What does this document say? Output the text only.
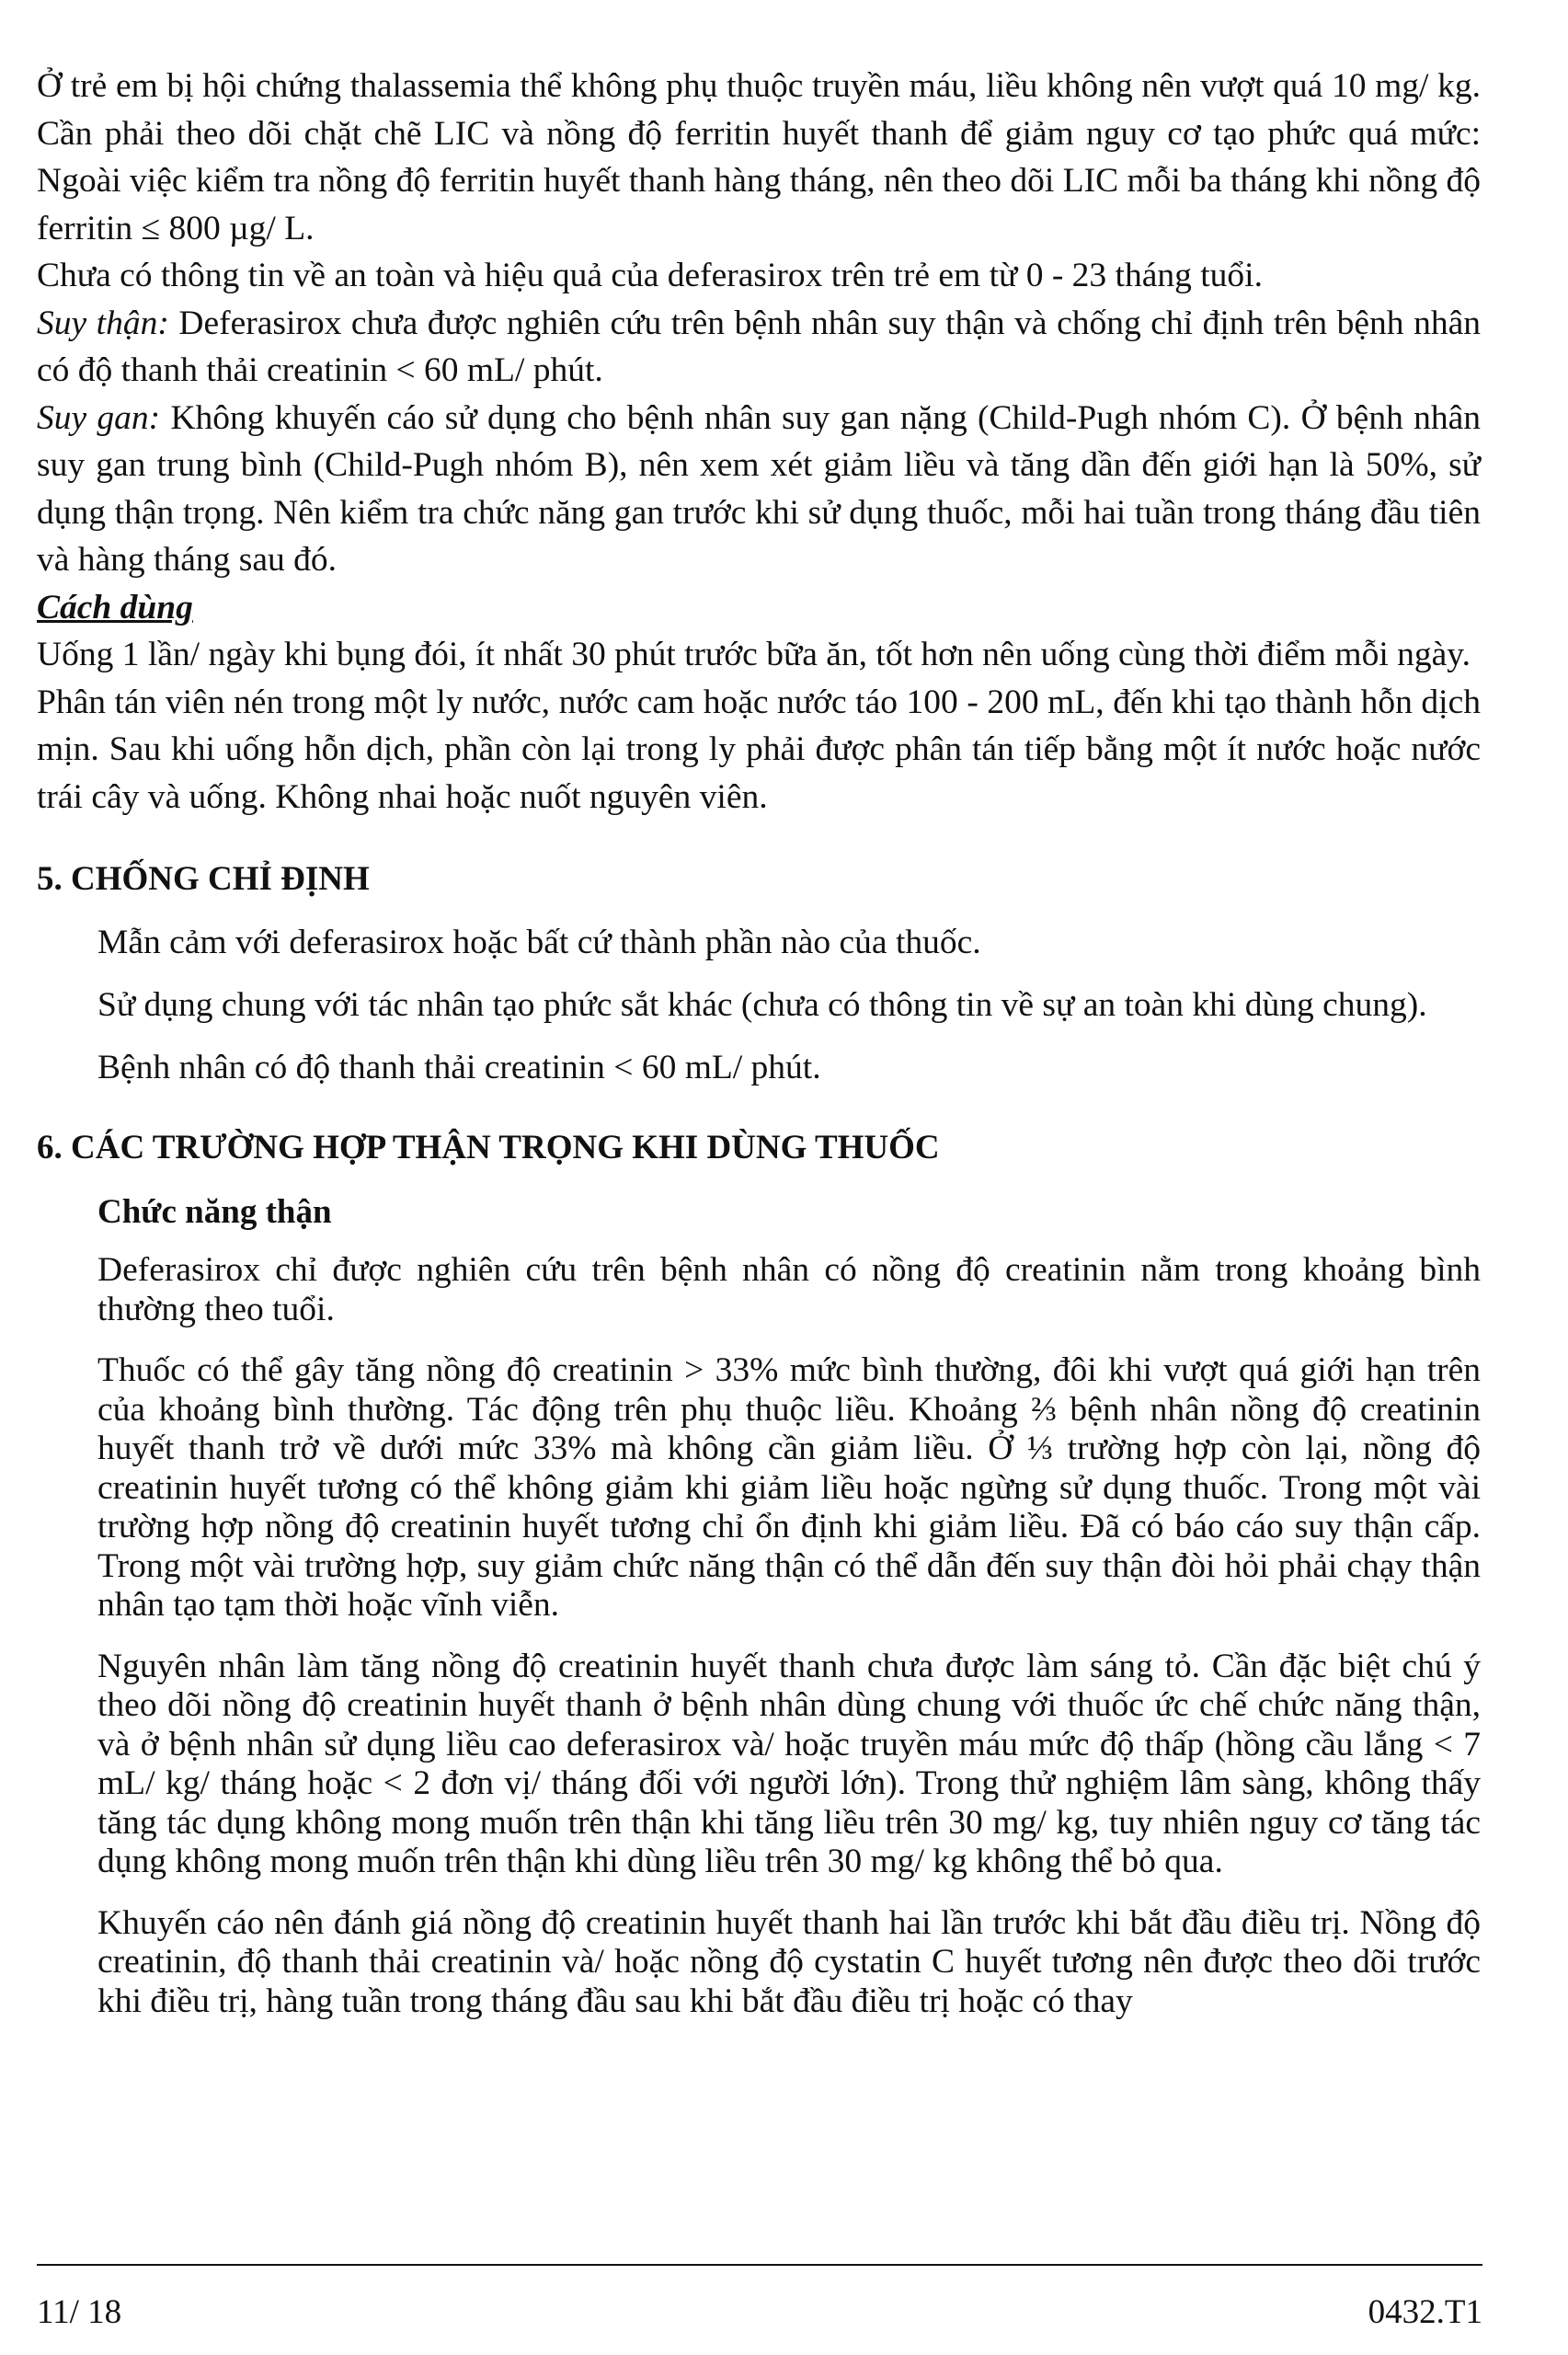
Ở trẻ em bị hội chứng thalassemia thể không phụ thuộc truyền máu, liều không nên vượt quá 10 mg/ kg. Cần phải theo dõi chặt chẽ LIC và nồng độ ferritin huyết thanh để giảm nguy cơ tạo phức quá mức: Ngoài việc kiểm tra nồng độ ferritin huyết thanh hàng tháng, nên theo dõi LIC mỗi ba tháng khi nồng độ ferritin ≤ 800 µg/ L.

Chưa có thông tin về an toàn và hiệu quả của deferasirox trên trẻ em từ 0 - 23 tháng tuổi.

Suy thận: Deferasirox chưa được nghiên cứu trên bệnh nhân suy thận và chống chỉ định trên bệnh nhân có độ thanh thải creatinin < 60 mL/ phút.

Suy gan: Không khuyến cáo sử dụng cho bệnh nhân suy gan nặng (Child-Pugh nhóm C). Ở bệnh nhân suy gan trung bình (Child-Pugh nhóm B), nên xem xét giảm liều và tăng dần đến giới hạn là 50%, sử dụng thận trọng. Nên kiểm tra chức năng gan trước khi sử dụng thuốc, mỗi hai tuần trong tháng đầu tiên và hàng tháng sau đó.

Cách dùng

Uống 1 lần/ ngày khi bụng đói, ít nhất 30 phút trước bữa ăn, tốt hơn nên uống cùng thời điểm mỗi ngày.

Phân tán viên nén trong một ly nước, nước cam hoặc nước táo 100 - 200 mL, đến khi tạo thành hỗn dịch mịn. Sau khi uống hỗn dịch, phần còn lại trong ly phải được phân tán tiếp bằng một ít nước hoặc nước trái cây và uống. Không nhai hoặc nuốt nguyên viên.

5. CHỐNG CHỈ ĐỊNH

Mẫn cảm với deferasirox hoặc bất cứ thành phần nào của thuốc.

Sử dụng chung với tác nhân tạo phức sắt khác (chưa có thông tin về sự an toàn khi dùng chung).

Bệnh nhân có độ thanh thải creatinin < 60 mL/ phút.

6. CÁC TRƯỜNG HỢP THẬN TRỌNG KHI DÙNG THUỐC

Chức năng thận

Deferasirox chỉ được nghiên cứu trên bệnh nhân có nồng độ creatinin nằm trong khoảng bình thường theo tuổi.

Thuốc có thể gây tăng nồng độ creatinin > 33% mức bình thường, đôi khi vượt quá giới hạn trên của khoảng bình thường. Tác động trên phụ thuộc liều. Khoảng ⅔ bệnh nhân nồng độ creatinin huyết thanh trở về dưới mức 33% mà không cần giảm liều. Ở ⅓ trường hợp còn lại, nồng độ creatinin huyết tương có thể không giảm khi giảm liều hoặc ngừng sử dụng thuốc. Trong một vài trường hợp nồng độ creatinin huyết tương chỉ ổn định khi giảm liều. Đã có báo cáo suy thận cấp. Trong một vài trường hợp, suy giảm chức năng thận có thể dẫn đến suy thận đòi hỏi phải chạy thận nhân tạo tạm thời hoặc vĩnh viễn.

Nguyên nhân làm tăng nồng độ creatinin huyết thanh chưa được làm sáng tỏ. Cần đặc biệt chú ý theo dõi nồng độ creatinin huyết thanh ở bệnh nhân dùng chung với thuốc ức chế chức năng thận, và ở bệnh nhân sử dụng liều cao deferasirox và/ hoặc truyền máu mức độ thấp (hồng cầu lắng < 7 mL/ kg/ tháng hoặc < 2 đơn vị/ tháng đối với người lớn). Trong thử nghiệm lâm sàng, không thấy tăng tác dụng không mong muốn trên thận khi tăng liều trên 30 mg/ kg, tuy nhiên nguy cơ tăng tác dụng không mong muốn trên thận khi dùng liều trên 30 mg/ kg không thể bỏ qua.

Khuyến cáo nên đánh giá nồng độ creatinin huyết thanh hai lần trước khi bắt đầu điều trị. Nồng độ creatinin, độ thanh thải creatinin và/ hoặc nồng độ cystatin C huyết tương nên được theo dõi trước khi điều trị, hàng tuần trong tháng đầu sau khi bắt đầu điều trị hoặc có thay

11/ 18	0432.T1
